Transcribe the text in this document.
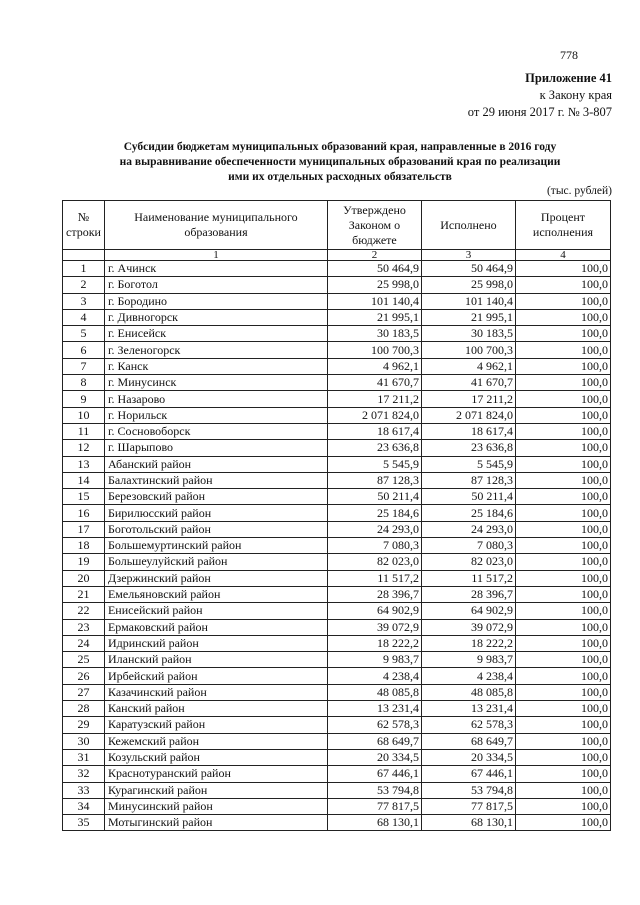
778
Приложение 41
к Закону края
от 29 июня 2017 г. № 3-807
Субсидии бюджетам муниципальных образований края, направленные в 2016 году
на выравнивание обеспеченности муниципальных образований края по реализации
ими их отдельных расходных обязательств
(тыс. рублей)
№ строки	Наименование муниципального образования	Утверждено Законом о бюджете	Исполнено	Процент исполнения
	1	2	3	4
1	г. Ачинск	50 464,9	50 464,9	100,0
2	г. Боготол	25 998,0	25 998,0	100,0
3	г. Бородино	101 140,4	101 140,4	100,0
4	г. Дивногорск	21 995,1	21 995,1	100,0
5	г. Енисейск	30 183,5	30 183,5	100,0
6	г. Зеленогорск	100 700,3	100 700,3	100,0
7	г. Канск	4 962,1	4 962,1	100,0
8	г. Минусинск	41 670,7	41 670,7	100,0
9	г. Назарово	17 211,2	17 211,2	100,0
10	г. Норильск	2 071 824,0	2 071 824,0	100,0
11	г. Сосновоборск	18 617,4	18 617,4	100,0
12	г. Шарыпово	23 636,8	23 636,8	100,0
13	Абанский район	5 545,9	5 545,9	100,0
14	Балахтинский район	87 128,3	87 128,3	100,0
15	Березовский район	50 211,4	50 211,4	100,0
16	Бирилюсский район	25 184,6	25 184,6	100,0
17	Боготольский район	24 293,0	24 293,0	100,0
18	Большемуртинский район	7 080,3	7 080,3	100,0
19	Большеулуйский район	82 023,0	82 023,0	100,0
20	Дзержинский район	11 517,2	11 517,2	100,0
21	Емельяновский район	28 396,7	28 396,7	100,0
22	Енисейский район	64 902,9	64 902,9	100,0
23	Ермаковский район	39 072,9	39 072,9	100,0
24	Идринский район	18 222,2	18 222,2	100,0
25	Иланский район	9 983,7	9 983,7	100,0
26	Ирбейский район	4 238,4	4 238,4	100,0
27	Казачинский район	48 085,8	48 085,8	100,0
28	Канский район	13 231,4	13 231,4	100,0
29	Каратузский район	62 578,3	62 578,3	100,0
30	Кежемский район	68 649,7	68 649,7	100,0
31	Козульский район	20 334,5	20 334,5	100,0
32	Краснотуранский район	67 446,1	67 446,1	100,0
33	Курагинский район	53 794,8	53 794,8	100,0
34	Минусинский район	77 817,5	77 817,5	100,0
35	Мотыгинский район	68 130,1	68 130,1	100,0
